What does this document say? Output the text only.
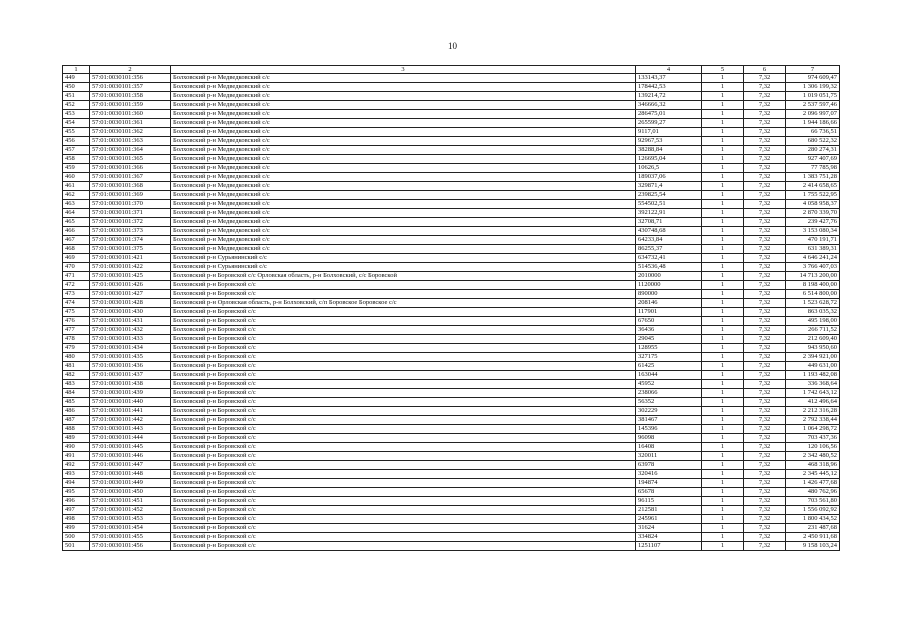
10
1	2	3	4	5	6	7
449	57:01:0030101:356	Болховский р-н Медведковский с/с	133143,37	1	7,32	974 609,47
450	57:01:0030101:357	Болховский р-н Медведковский с/с	178442,53	1	7,32	1 306 199,32
451	57:01:0030101:358	Болховский р-н Медведковский с/с	139214,72	1	7,32	1 019 051,75
452	57:01:0030101:359	Болховский р-н Медведковский с/с	346666,32	1	7,32	2 537 597,46
453	57:01:0030101:360	Болховский р-н Медведковский с/с	286475,01	1	7,32	2 096 997,07
454	57:01:0030101:361	Болховский р-н Медведковский с/с	265599,27	1	7,32	1 944 186,66
455	57:01:0030101:362	Болховский р-н Медведковский с/с	9117,01	1	7,32	66 736,51
456	57:01:0030101:363	Болховский р-н Медведковский с/с	92967,53	1	7,32	680 522,32
457	57:01:0030101:364	Болховский р-н Медведковский с/с	38288,84	1	7,32	280 274,31
458	57:01:0030101:365	Болховский р-н Медведковский с/с	126695,04	1	7,32	927 407,69
459	57:01:0030101:366	Болховский р-н Медведковский с/с	10626,5	1	7,32	77 785,98
460	57:01:0030101:367	Болховский р-н Медведковский с/с	189037,06	1	7,32	1 383 751,28
461	57:01:0030101:368	Болховский р-н Медведковский с/с	329871,4	1	7,32	2 414 658,65
462	57:01:0030101:369	Болховский р-н Медведковский с/с	239825,54	1	7,32	1 755 522,95
463	57:01:0030101:370	Болховский р-н Медведковский с/с	554502,51	1	7,32	4 058 958,37
464	57:01:0030101:371	Болховский р-н Медведковский с/с	392122,91	1	7,32	2 870 339,70
465	57:01:0030101:372	Болховский р-н Медведковский с/с	32708,71	1	7,32	239 427,76
466	57:01:0030101:373	Болховский р-н Медведковский с/с	430748,68	1	7,32	3 153 080,34
467	57:01:0030101:374	Болховский р-н Медведковский с/с	64233,84	1	7,32	470 191,71
468	57:01:0030101:375	Болховский р-н Медведковский с/с	86255,37	1	7,32	631 389,31
469	57:01:0030101:421	Болховский р-н Сурьянинский с/с	634732,41	1	7,32	4 646 241,24
470	57:01:0030101:422	Болховский р-н Сурьянинский с/с	514536,48	1	7,32	3 766 407,03
471	57:01:0030101:425	Болховский р-н Боровской с/с Орловская область, р-н Болховский, с/с Боровской	2010000	1	7,32	14 713 200,00
472	57:01:0030101:426	Болховский р-н Боровской с/с	1120000	1	7,32	8 198 400,00
473	57:01:0030101:427	Болховский р-н Боровской с/с	890000	1	7,32	6 514 800,00
474	57:01:0030101:428	Болховский р-н Орловская область, р-н Болховский, с/п Боровское Боровское с/с	208146	1	7,32	1 523 628,72
475	57:01:0030101:430	Болховский р-н Боровской с/с	117901	1	7,32	863 035,32
476	57:01:0030101:431	Болховский р-н Боровской с/с	67650	1	7,32	495 198,00
477	57:01:0030101:432	Болховский р-н Боровской с/с	36436	1	7,32	266 711,52
478	57:01:0030101:433	Болховский р-н Боровской с/с	29045	1	7,32	212 609,40
479	57:01:0030101:434	Болховский р-н Боровской с/с	128955	1	7,32	943 950,60
480	57:01:0030101:435	Болховский р-н Боровской с/с	327175	1	7,32	2 394 921,00
481	57:01:0030101:436	Болховский р-н Боровской с/с	61425	1	7,32	449 631,00
482	57:01:0030101:437	Болховский р-н Боровской с/с	163044	1	7,32	1 193 482,08
483	57:01:0030101:438	Болховский р-н Боровской с/с	45952	1	7,32	336 368,64
484	57:01:0030101:439	Болховский р-н Боровской с/с	238066	1	7,32	1 742 643,12
485	57:01:0030101:440	Болховский р-н Боровской с/с	56352	1	7,32	412 496,64
486	57:01:0030101:441	Болховский р-н Боровской с/с	302229	1	7,32	2 212 316,28
487	57:01:0030101:442	Болховский р-н Боровской с/с	381467	1	7,32	2 792 338,44
488	57:01:0030101:443	Болховский р-н Боровской с/с	145396	1	7,32	1 064 298,72
489	57:01:0030101:444	Болховский р-н Боровской с/с	96098	1	7,32	703 437,36
490	57:01:0030101:445	Болховский р-н Боровской с/с	16408	1	7,32	120 106,56
491	57:01:0030101:446	Болховский р-н Боровской с/с	320011	1	7,32	2 342 480,52
492	57:01:0030101:447	Болховский р-н Боровской с/с	63978	1	7,32	468 318,96
493	57:01:0030101:448	Болховский р-н Боровской с/с	320416	1	7,32	2 345 445,12
494	57:01:0030101:449	Болховский р-н Боровской с/с	194874	1	7,32	1 426 477,68
495	57:01:0030101:450	Болховский р-н Боровской с/с	65678	1	7,32	480 762,96
496	57:01:0030101:451	Болховский р-н Боровской с/с	96115	1	7,32	703 561,80
497	57:01:0030101:452	Болховский р-н Боровской с/с	212581	1	7,32	1 556 092,92
498	57:01:0030101:453	Болховский р-н Боровской с/с	245961	1	7,32	1 800 434,52
499	57:01:0030101:454	Болховский р-н Боровской с/с	31624	1	7,32	231 487,68
500	57:01:0030101:455	Болховский р-н Боровской с/с	334824	1	7,32	2 450 911,68
501	57:01:0030101:456	Болховский р-н Боровской с/с	1251107	1	7,32	9 158 103,24
